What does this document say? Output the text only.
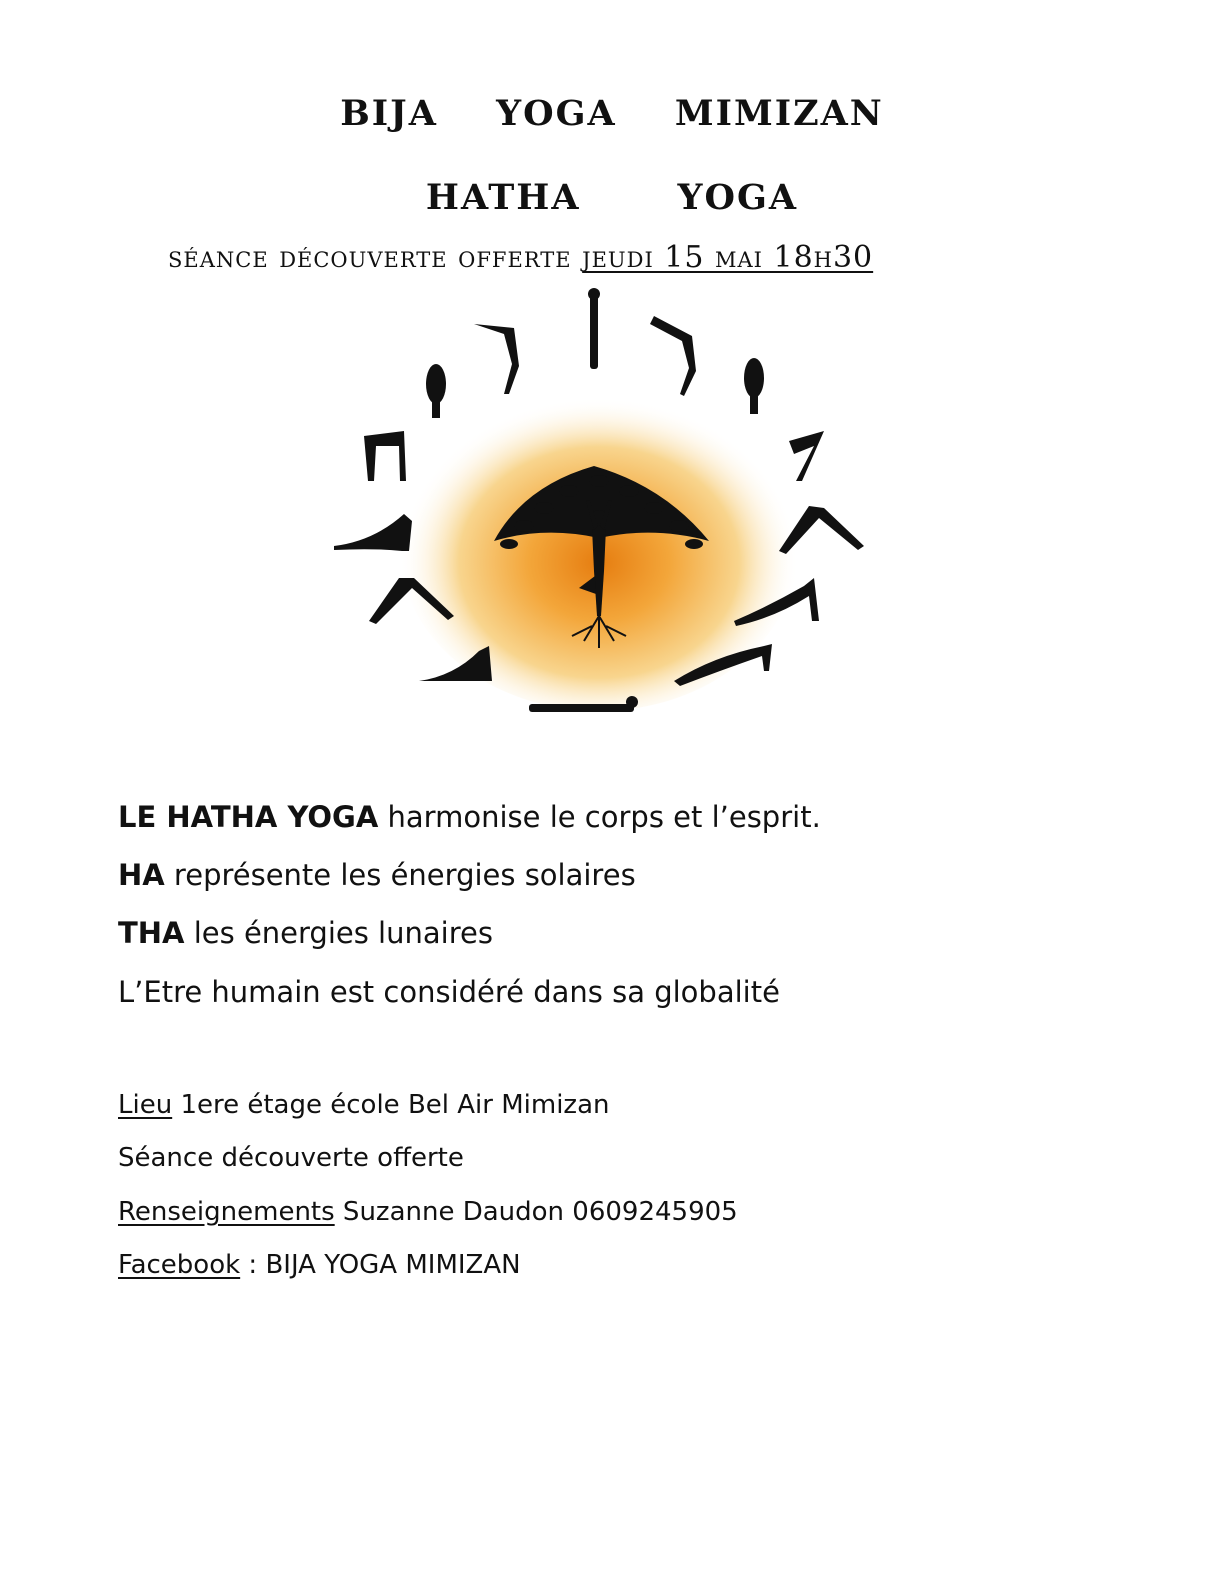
bija   yoga   mimizan
hatha     yoga
séance découverte offerte jeudi 15 mai 18h30
LE HATHA YOGA harmonise le corps et l’esprit.
HA représente les énergies solaires
THA les énergies lunaires
L’Etre humain est considéré dans sa globalité
Lieu 1ere étage école Bel Air Mimizan
Séance découverte offerte
Renseignements Suzanne Daudon 0609245905
Facebook : BIJA YOGA MIMIZAN
